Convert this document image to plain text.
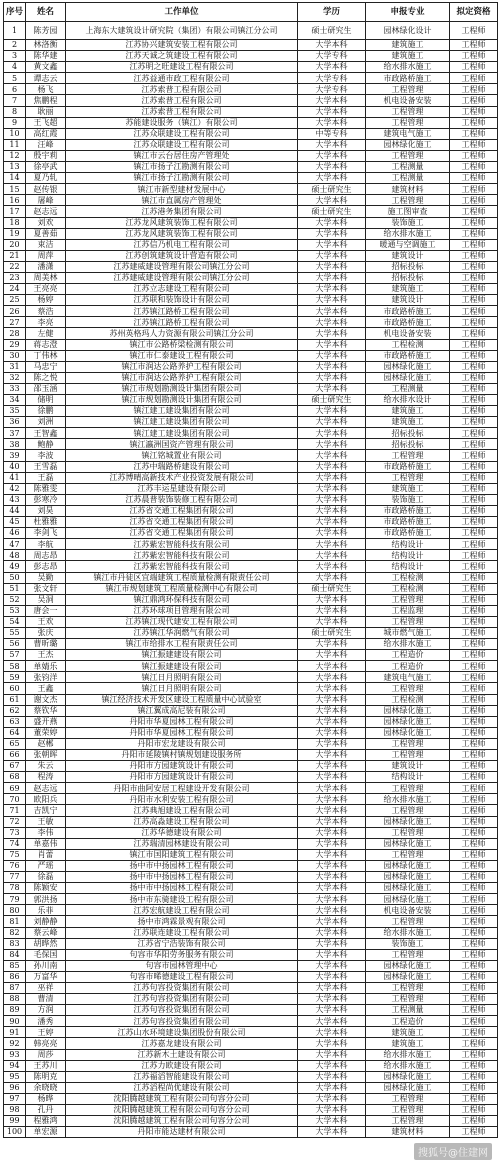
序号	姓名	工作单位	学历	申报专业	拟定资格
1	陈芳园	上海东大建筑设计研究院（集团）有限公司镇江分公司	硕士研究生	园林绿化设计	工程师
2	林洛衡	江苏协兴建筑安装工程有限公司	大学本科	建筑施工	工程师
3	陈华建	江苏天诚之筑建设工程有限公司	大学专科	建筑施工	工程师
4	黄文鑫	江苏明之旺建设工程有限公司	大学本科	给水排水施工	工程师
5	谭志云	江苏益通市政工程有限公司	大学专科	市政路桥施工	工程师
6	杨飞	江苏索普工程有限公司	大学专科	工程管理	工程师
7	焦鹏程	江苏索普工程有限公司	大学本科	机电设备安装	工程师
8	耿丽	江苏索普工程有限公司	大学本科	工程管理	工程师
9	王飞超	苏能建设服务（镇江）有限公司	大学本科	工程管理	工程师
10	高红霞	江苏众联建设工程有限公司	中等专科	建筑电气施工	工程师
11	汪峰	江苏众联建设工程有限公司	大学本科	园林绿化施工	工程师
12	殷宇莉	镇江市云台居住房产管理处	大学本科	工程管理	工程师
13	徐亭武	镇江市扬子江勘测有限公司	大学本科	工程测量	工程师
14	夏乃轧	镇江市扬子江勘测有限公司	大学本科	工程测量	工程师
15	赵传银	镇江市新型建材发展中心	硕士研究生	建筑材料	工程师
16	屠峰	镇江市直属房产管理处	大学本科	工程管理	工程师
17	赵志远	江苏港务集团有限公司	硕士研究生	施工图审查	工程师
18	刘欢	江苏龙风建筑装饰工程有限公司	大学本科	装饰施工	工程师
19	夏善茹	江苏龙风建筑装饰工程有限公司	大学本科	给水排水施工	工程师
20	束洁	江苏信乃机电工程有限公司	大学本科	暖通与空调施工	工程师
21	周萍	江苏创筑建筑设计营造有限公司	大学本科	建筑设计	工程师
22	潘潇	江苏建威建设管理有限公司镇江分公司	大学本科	招标投标	工程师
23	周美林	江苏建威建设管理有限公司镇江分公司	大学本科	招标投标	工程师
24	王亮亮	江苏立志建设工程有限公司	大学本科	建筑施工	工程师
25	杨婷	江苏联和装饰设计有限公司	大学本科	建筑设计	工程师
26	蔡浩	江苏镇江路桥工程有限公司	大学本科	市政路桥施工	工程师
27	李亮	江苏镇江路桥工程有限公司	大学本科	市政路桥施工	工程师
28	左健	苏州英格玛人力资源有限公司镇江分公司	大学本科	机电设备安装	工程师
29	蒋志澄	镇江市公路桥梁检测有限公司	大学本科	工程检测	工程师
30	丁伟林	镇江市仁泰建设工程有限公司	大学本科	市政路桥施工	工程师
31	马忠宁	镇江市润达公路养护工程有限公司	大学本科	园林绿化施工	工程师
32	陈之悦	镇江市润达公路养护工程有限公司	大学本科	园林绿化施工	工程师
33	邵玉涵	镇江市规划勘测设计集团有限公司	大学本科	工程测量	工程师
34	储明	镇江市规划勘测设计集团有限公司	硕士研究生	给水排水设计	工程师
35	徐鹏	镇江建工建设集团有限公司	大学本科	建筑施工	工程师
36	刘洲	镇江建工建设集团有限公司	大学本科	建筑施工	工程师
37	王智鑫	镇江建工建设集团有限公司	大学本科	招标投标	工程师
38	鲍静	镇江瀛洲国资产管理有限公司	大学本科	招标投标	工程师
39	李波	镇江铭城置业有限公司	大学本科	工程管理	工程师
40	王雪磊	江苏中瑞路桥建设有限公司	大学本科	市政路桥施工	工程师
41	王磊	江苏博晴高新技术产业投资发展有限公司	大学本科	工程管理	工程师
42	陈雅雯	江苏丰运星建设有限公司	大学本科	建筑施工	工程师
43	彭寒冷	江苏晨普装饰装修工程有限公司	大学本科	装饰施工	工程师
44	刘昊	江苏省交通工程集团有限公司	大学本科	市政路桥施工	工程师
45	杜雅雅	江苏省交通工程集团有限公司	大学本科	市政路桥施工	工程师
46	李剑飞	江苏省交通工程集团有限公司	大学本科	市政路桥施工	工程师
47	李航	江苏紫宏智能科技有限公司	大学本科	结构设计	工程师
48	周志昂	江苏紫宏智能科技有限公司	大学本科	结构设计	工程师
49	彭志昂	江苏紫宏智能科技有限公司	大学本科	结构设计	工程师
50	吴勤	镇江市丹徒区宜端建筑工程质量检测有限责任公司	大学本科	工程检测	工程师
51	张文轩	镇江市规划建筑工程质量检测中心有限公司	硕士研究生	工程检测	工程师
52	吴洞	镇江鼎鸿环保科技有限公司	大学本科	工程管理	工程师
53	唐会一	江苏环球项目管理有限公司	大学本科	工程监理	工程师
54	王欢	江苏镇江现代建安工程有限公司	大学本科	工程管理	工程师
55	张庆	江苏镇江华润燃气有限公司	硕士研究生	城市燃气施工	工程师
56	曹昕璐	镇江市给排水工程有限责任公司	大学本科	给水排水施工	工程师
57	王杰	镇江振建建设有限公司	大学本科	工程造价	工程师
58	单婧乐	镇江振建建设有限公司	大学本科	工程造价	工程师
59	张钧洋	镇江日月照明有限公司	大学本科	建筑电气施工	工程师
60	王鑫	镇江日月照明有限公司	大学本科	工程管理	工程师
61	谢文杰	镇江经济技术开发区建设工程质量中心试验室	大学本科	工程检测	工程师
62	蔡钦华	镇江翼成高尼装有限公司	大学本科	园林绿化施工	工程师
63	盛开燕	丹阳市华夏园林工程有限公司	大学本科	园林绿化施工	工程师
64	董荣婷	丹阳市华夏园林工程有限公司	大学本科	园林绿化施工	工程师
65	赵郴	丹阳市宏龙建设有限公司	大学本科	工程管理	工程师
66	张朝晖	丹阳市延陵镇村镇规划建设服务所	大学本科	工程管理	工程师
67	朱云	丹阳市方园建筑设计有限公司	大学本科	建筑设计	工程师
68	程涛	丹阳市方园建筑设计有限公司	大学本科	结构设计	工程师
69	赵志远	丹阳市曲阿安居工程建设开发有限公司	大学本科	工程管理	工程师
70	欧阳兵	丹阳市水利安装工程有限公司	大学本科	给水排水施工	工程师
71	吉凯宁	江苏典旭建设工程有限公司	大学本科	工程管理	工程师
72	王敏	江苏高淼建设工程有限公司	大学本科	园林绿化施工	工程师
73	李伟	江苏华德建设有限公司	大学本科	工程管理	工程师
74	单嘉伟	江苏瑞清园林建设有限公司	大学本科	园林绿化施工	工程师
75	肖蕾	镇江市国阳建筑工程有限公司	大学本科	工程管理	工程师
76	严瑶	扬中市中扬园林工程有限公司	大学本科	园林绿化施工	工程师
77	徐磊	扬中市中扬园林工程有限公司	大学本科	园林绿化施工	工程师
78	陈颖安	扬中市中扬园林工程有限公司	大学本科	园林绿化施工	工程师
79	郭洪扬	扬中市东骑建设工程有限公司	大学本科	园林绿化施工	工程师
80	乐菲	江苏宏航建设工程有限公司	大学本科	机电设备安装	工程师
81	刘静静	扬中市鸿霖景观有限公司	大学本科	工程管理	工程师
82	蔡云峰	江苏联连建设工程有限公司	大学本科	给水排水施工	工程师
83	胡晔然	江苏省宁浩装饰有限公司	大学本科	装饰施工	工程师
84	毛保国	句容市华阳劳务服务有限公司	大学本科	工程管理	工程师
85	孙川南	句容市园林管理中心	大学本科	园林绿化施工	工程师
86	万富华	句容市晞德建设工程有限公司	大学本科	园林绿化施工	工程师
87	巫祥	江苏句容投资集团有限公司	大学本科	工程管理	工程师
88	曹清	江苏句容投资集团有限公司	大学本科	工程管理	工程师
89	方润	江苏句容投资集团有限公司	大学本科	工程测量	工程师
90	潘秀	江苏句容投资集团有限公司	大学本科	工程造价	工程师
91	王婷	江苏山水环境建设集团股份有限公司	大学本科	建筑施工	工程师
92	韩亮亮	江苏嘉龙建设有限公司	大学本科	建筑施工	工程师
93	周莎	江苏新木土建设有限公司	大学本科	给水排水施工	工程师
94	王苏川	江苏力欧建设有限公司	大学本科	给水排水施工	工程师
95	陈明克	江苏福滔智能建设有限公司	大学本科	园林绿化施工	工程师
96	余晓晓	江苏滔程尚优建设有限公司	大学本科	园林绿化施工	工程师
97	杨晔	沈阳腾越建筑工程有限公司句容分公司	大学本科	工程管理	工程师
98	孔丹	沈阳腾越建筑工程有限公司句容分公司	大学本科	工程管理	工程师
99	程雅鸿	沈阳腾越建筑工程有限公司句容分公司	大学本科	工程管理	工程师
100	单宏源	丹阳市能达建材有限公司	大学本科	建筑材料	工程师
搜狐号@住建网
